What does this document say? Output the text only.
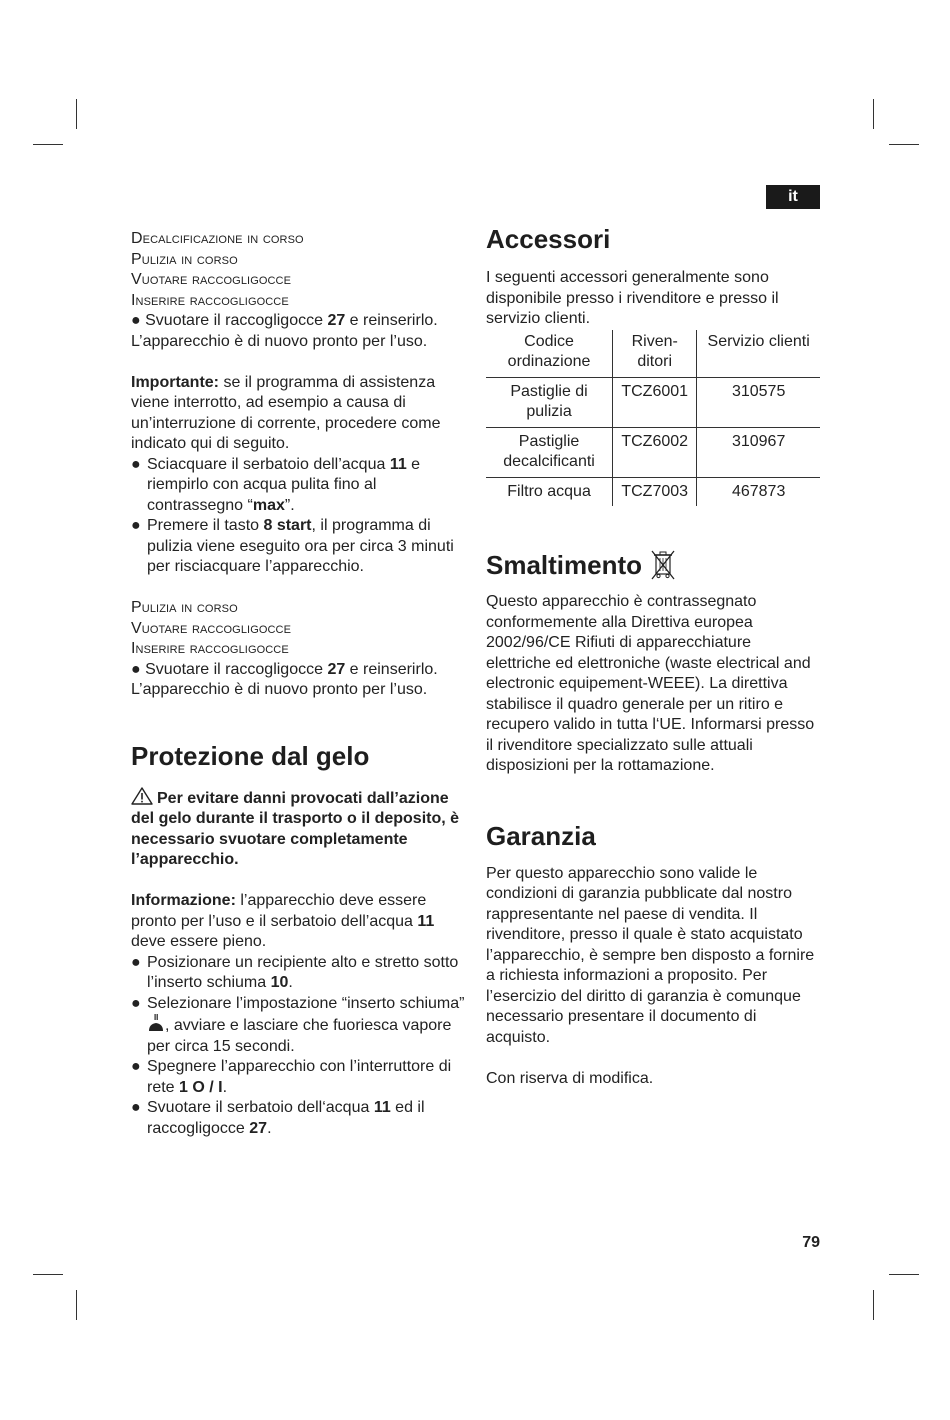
it
Decalcificazione in corso
Pulizia in corso
Vuotare raccogligocce
Inserire raccogligocce
● Svuotare il raccogligocce 27 e reinserirlo.

L’apparecchio è di nuovo pronto per l’uso.

Importante: se il programma di assistenza viene interrotto, ad esempio a causa di un’interruzione di corrente, procedere come indicato qui di seguito.

● Sciacquare il serbatoio dell’acqua 11 e riempirlo con acqua pulita fino al contrassegno “max”.
● Premere il tasto 8 start, il programma di pulizia viene eseguito ora per circa 3 minuti per risciacquare l’apparecchio.
Pulizia in corso
Vuotare raccogligocce
Inserire raccogligocce
● Svuotare il raccogligocce 27 e reinserirlo.

L’apparecchio è di nuovo pronto per l’uso.

Protezione dal gelo

Per evitare danni provocati dall’azione del gelo durante il trasporto o il deposito, è necessario svuotare completamente l’apparecchio.

Informazione: l’apparecchio deve essere pronto per l’uso e il serbatoio dell’acqua 11 deve essere pieno.

● Posizionare un recipiente alto e stretto sotto l’inserto schiuma 10.
● Selezionare l’impostazione “inserto schiuma” , avviare e lasciare che fuoriesca vapore per circa 15 secondi.
● Spegnere l’apparecchio con l’interruttore di rete 1 O / I.
● Svuotare il serbatoio dell‘acqua 11 ed il raccogligocce 27.
Accessori

I seguenti accessori generalmente sono disponibile presso i rivenditore e presso il servizio clienti.

Codice ordinazione	Riven-ditori	Servizio clienti
Pastiglie di pulizia	TCZ6001	310575
Pastiglie decalcificanti	TCZ6002	310967
Filtro acqua	TCZ7003	467873
Smaltimento

Questo apparecchio è contrassegnato conformemente alla Direttiva europea 2002/96/CE Rifiuti di apparecchiature elettriche ed elettroniche (waste electrical and electronic equipement-WEEE). La direttiva stabilisce il quadro generale per un ritiro e recupero valido in tutta l‘UE. Informarsi presso il rivenditore specializzato sulle attuali disposizioni per la rottamazione.

Garanzia

Per questo apparecchio sono valide le condizioni di garanzia pubblicate dal nostro rappresentante nel paese di vendita. Il rivenditore, presso il quale è stato acquistato l’apparecchio, è sempre ben disposto a fornire a richiesta informazioni a proposito. Per l’esercizio del diritto di garanzia è comunque necessario presentare il documento di acquisto.

Con riserva di modifica.

79
